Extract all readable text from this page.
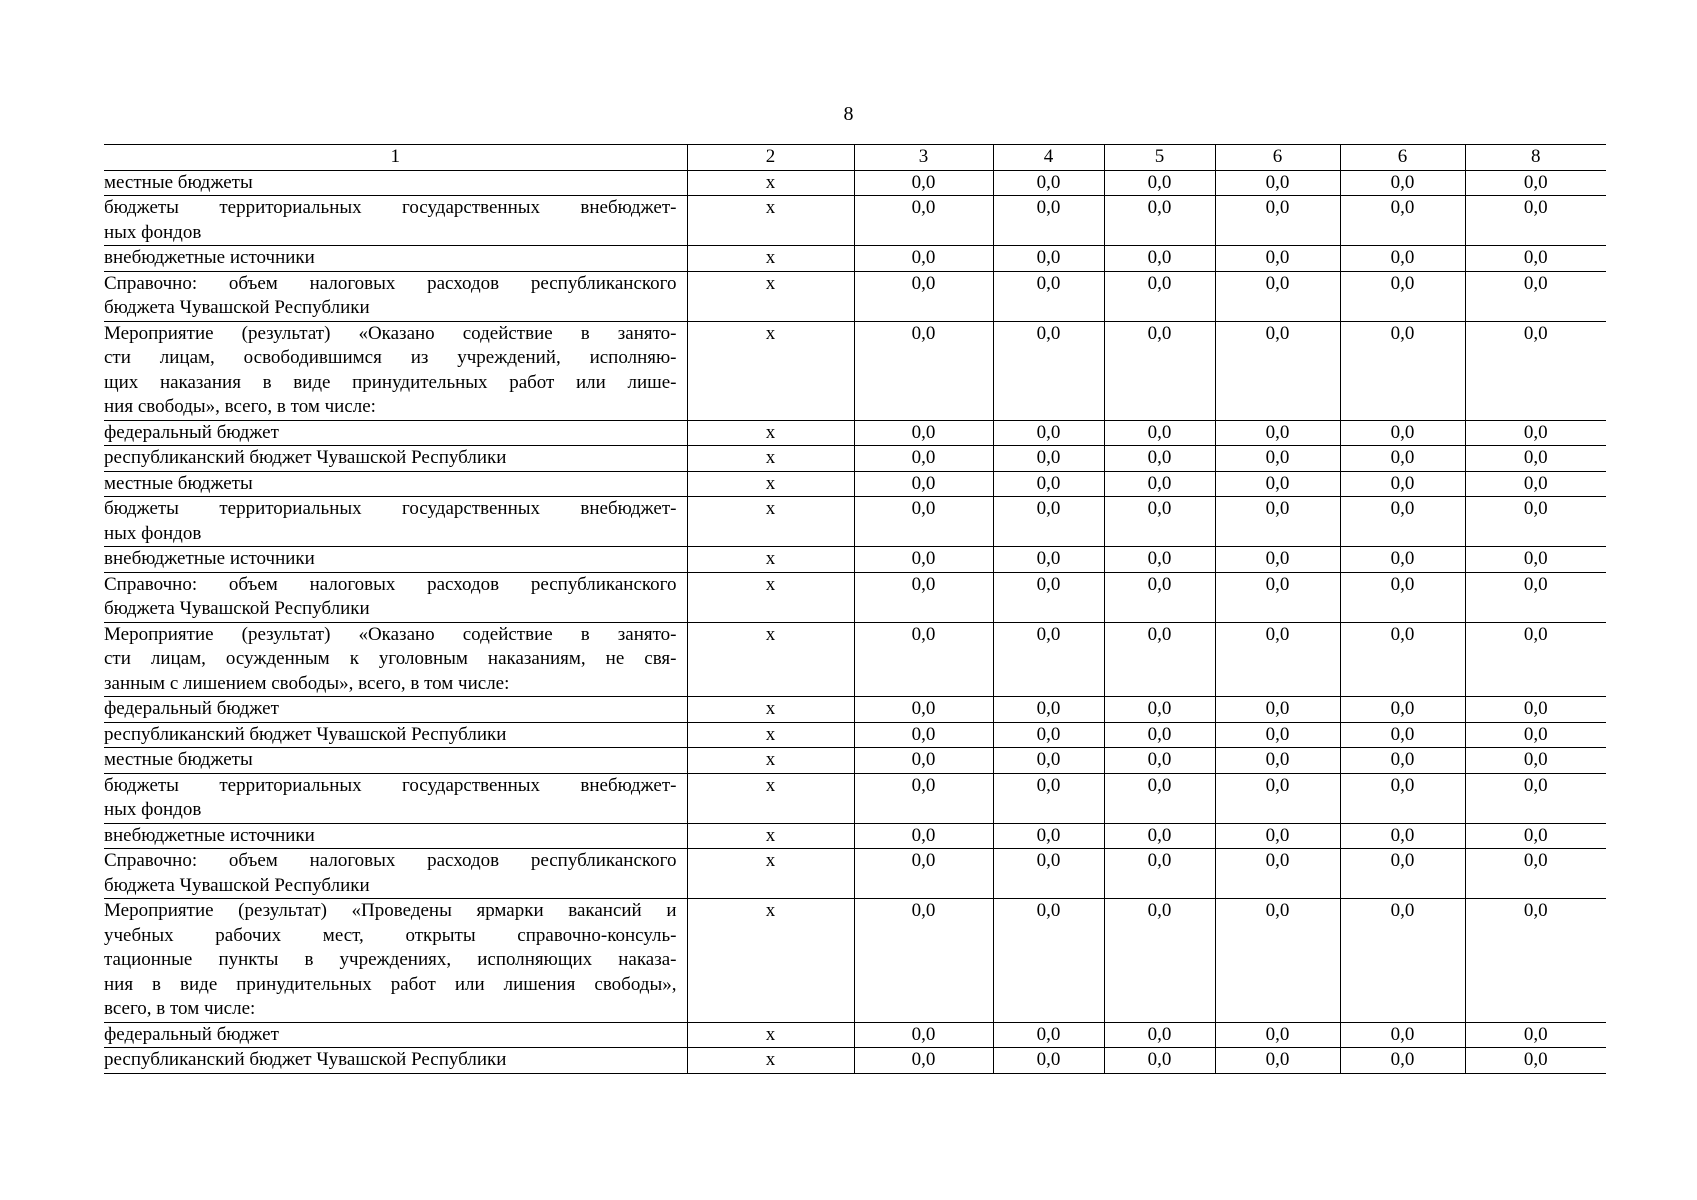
8
1	2	3	4	5	6	6	8

местные бюджеты	x	0,0	0,0	0,0	0,0	0,0	0,0

бюджеты территориальных государственных внебюджет-
ных фондов	x	0,0	0,0	0,0	0,0	0,0	0,0

внебюджетные источники	x	0,0	0,0	0,0	0,0	0,0	0,0

Справочно: объем налоговых расходов республиканского
бюджета Чувашской Республики	x	0,0	0,0	0,0	0,0	0,0	0,0

Мероприятие (результат) «Оказано содействие в занято-
сти лицам, освободившимся из учреждений, исполняю-
щих наказания в виде принудительных работ или лише-
ния свободы», всего, в том числе:	x	0,0	0,0	0,0	0,0	0,0	0,0

федеральный бюджет	x	0,0	0,0	0,0	0,0	0,0	0,0

республиканский бюджет Чувашской Республики	x	0,0	0,0	0,0	0,0	0,0	0,0

местные бюджеты	x	0,0	0,0	0,0	0,0	0,0	0,0

бюджеты территориальных государственных внебюджет-
ных фондов	x	0,0	0,0	0,0	0,0	0,0	0,0

внебюджетные источники	x	0,0	0,0	0,0	0,0	0,0	0,0

Справочно: объем налоговых расходов республиканского
бюджета Чувашской Республики	x	0,0	0,0	0,0	0,0	0,0	0,0

Мероприятие (результат) «Оказано содействие в занято-
сти лицам, осужденным к уголовным наказаниям, не свя-
занным с лишением свободы», всего, в том числе:	x	0,0	0,0	0,0	0,0	0,0	0,0

федеральный бюджет	x	0,0	0,0	0,0	0,0	0,0	0,0

республиканский бюджет Чувашской Республики	x	0,0	0,0	0,0	0,0	0,0	0,0

местные бюджеты	x	0,0	0,0	0,0	0,0	0,0	0,0

бюджеты территориальных государственных внебюджет-
ных фондов	x	0,0	0,0	0,0	0,0	0,0	0,0

внебюджетные источники	x	0,0	0,0	0,0	0,0	0,0	0,0

Справочно: объем налоговых расходов республиканского
бюджета Чувашской Республики	x	0,0	0,0	0,0	0,0	0,0	0,0

Мероприятие (результат) «Проведены ярмарки вакансий и
учебных рабочих мест, открыты справочно-консуль-
тационные пункты в учреждениях, исполняющих наказа-
ния в виде принудительных работ или лишения свободы»,
всего, в том числе:	x	0,0	0,0	0,0	0,0	0,0	0,0

федеральный бюджет	x	0,0	0,0	0,0	0,0	0,0	0,0

республиканский бюджет Чувашской Республики	x	0,0	0,0	0,0	0,0	0,0	0,0
